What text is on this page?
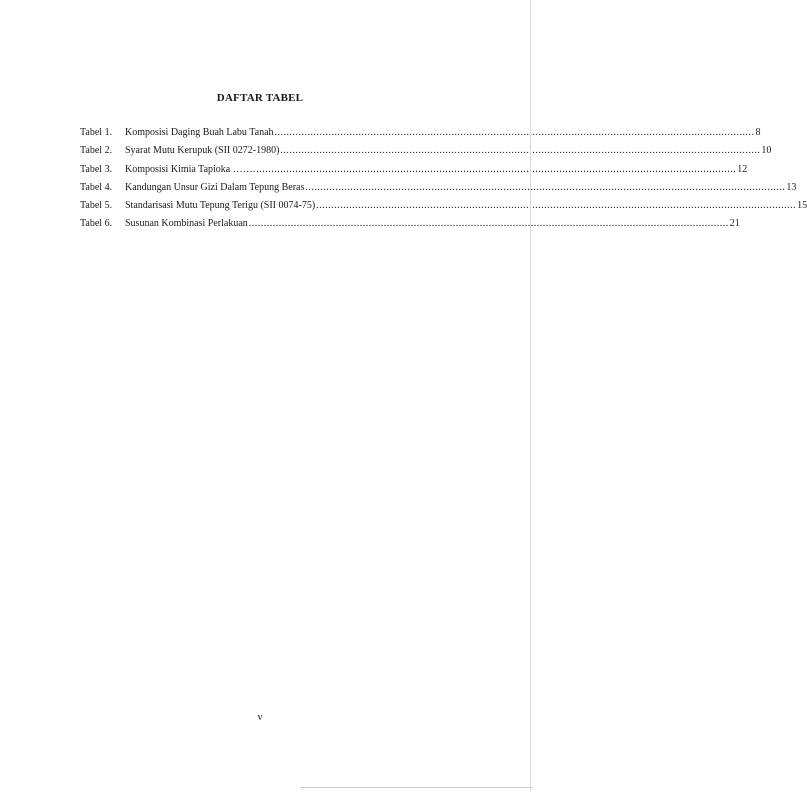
DAFTAR TABEL
Tabel 1.	Komposisi Daging Buah Labu Tanah .....	8
Tabel 2.	Syarat Mutu Kerupuk (SII 0272-1980) .....	10
Tabel 3.	Komposisi Kimia Tapioka ……. .....	12
Tabel 4.	Kandungan Unsur Gizi Dalam Tepung Beras .....	13
Tabel 5.	Standarisasi Mutu Tepung Terigu (SII 0074-75) .....	15
Tabel 6.	Susunan Kombinasi Perlakuan .....	21
v
